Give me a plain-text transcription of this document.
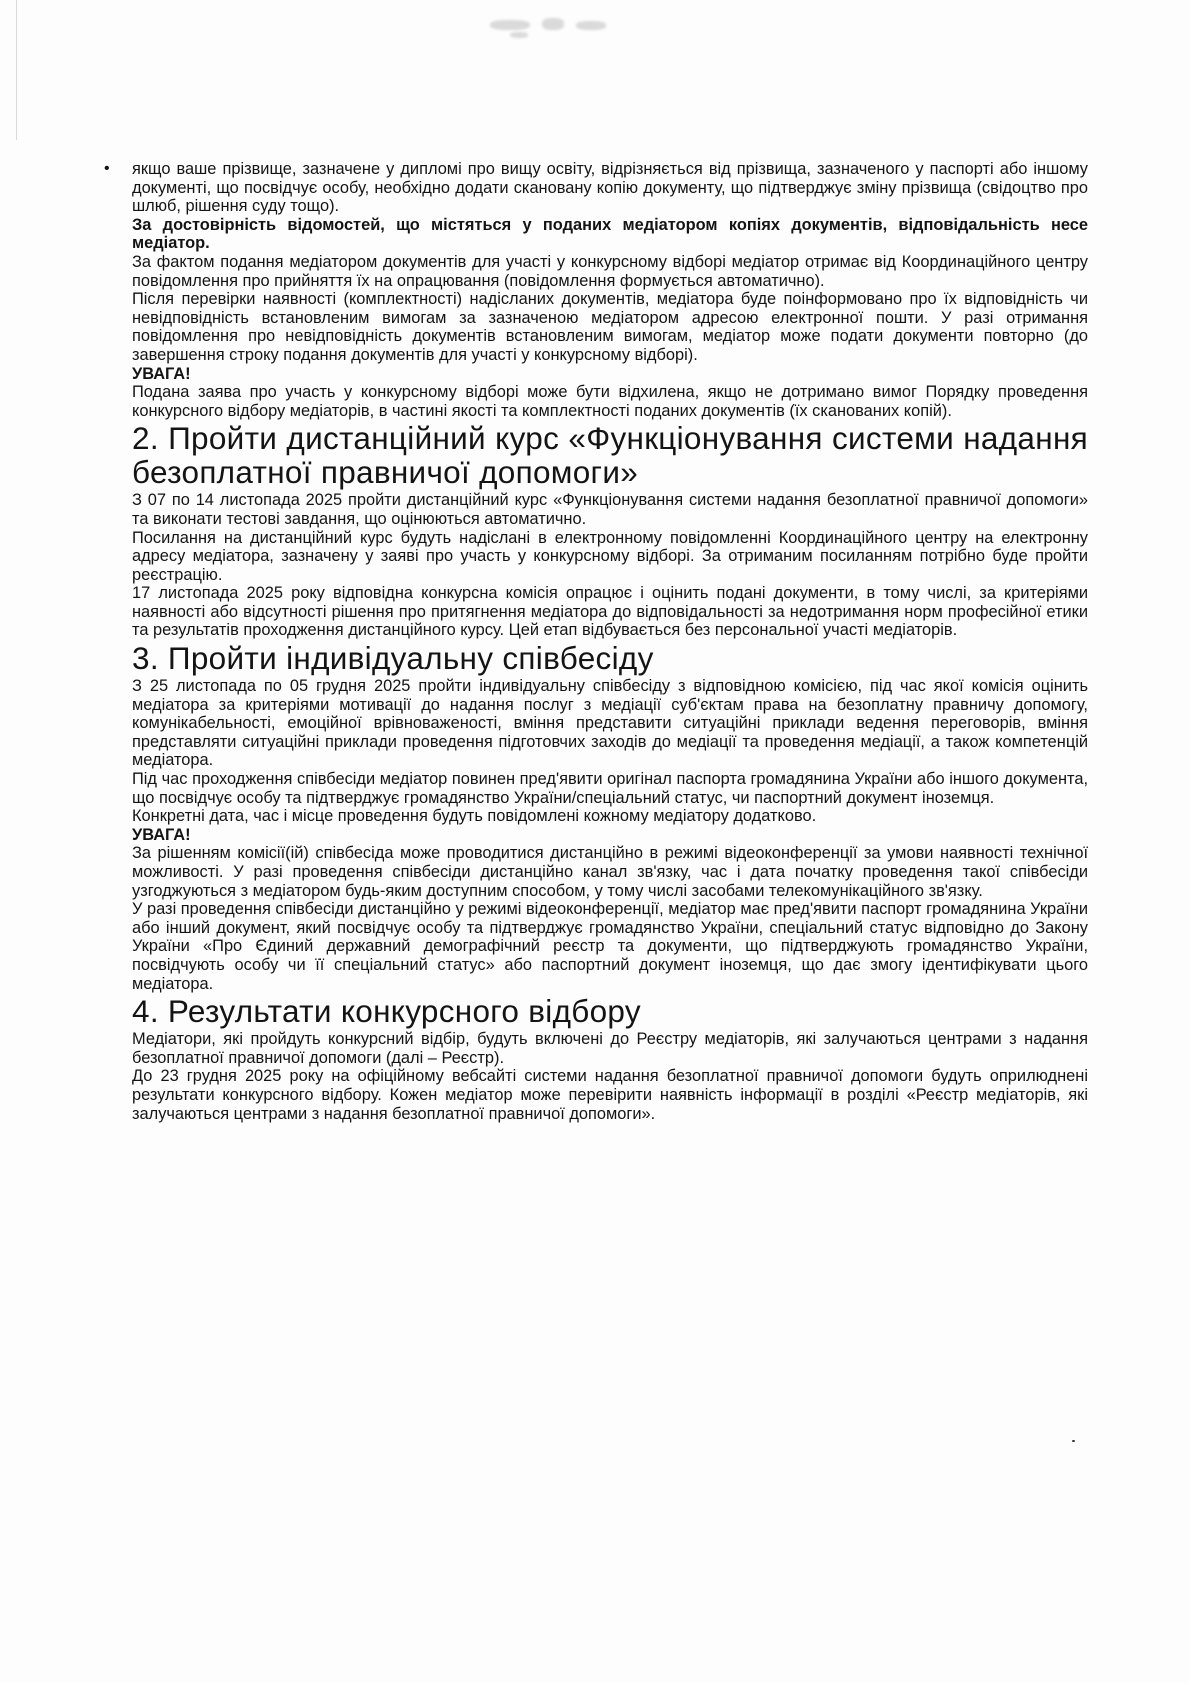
• якщо ваше прізвище, зазначене у дипломі про вищу освіту, відрізняється від прізвища, зазначеного у паспорті або іншому документі, що посвідчує особу, необхідно додати скановану копію документу, що підтверджує зміну прізвища (свідоцтво про шлюб, рішення суду тощо).

За достовірність відомостей, що містяться у поданих медіатором копіях документів, відповідальність несе медіатор.

За фактом подання медіатором документів для участі у конкурсному відборі медіатор отримає від Координаційного центру повідомлення про прийняття їх на опрацювання (повідомлення формується автоматично).

Після перевірки наявності (комплектності) надісланих документів, медіатора буде поінформовано про їх відповідність чи невідповідність встановленим вимогам за зазначеною медіатором адресою електронної пошти. У разі отримання повідомлення про невідповідність документів встановленим вимогам, медіатор може подати документи повторно (до завершення строку подання документів для участі у конкурсному відборі).

УВАГА!

Подана заява про участь у конкурсному відборі може бути відхилена, якщо не дотримано вимог Порядку проведення конкурсного відбору медіаторів, в частині якості та комплектності поданих документів (їх сканованих копій).

2. Пройти дистанційний курс «Функціонування системи надання безоплатної правничої допомоги»

З 07 по 14 листопада 2025 пройти дистанційний курс «Функціонування системи надання безоплатної правничої допомоги» та виконати тестові завдання, що оцінюються автоматично.

Посилання на дистанційний курс будуть надіслані в електронному повідомленні Координаційного центру на електронну адресу медіатора, зазначену у заяві про участь у конкурсному відборі. За отриманим посиланням потрібно буде пройти реєстрацію.

17 листопада 2025 року відповідна конкурсна комісія опрацює і оцінить подані документи, в тому числі, за критеріями наявності або відсутності рішення про притягнення медіатора до відповідальності за недотримання норм професійної етики та результатів проходження дистанційного курсу. Цей етап відбувається без персональної участі медіаторів.

3. Пройти індивідуальну співбесіду

З 25 листопада по 05 грудня 2025 пройти індивідуальну співбесіду з відповідною комісією, під час якої комісія оцінить медіатора за критеріями мотивації до надання послуг з медіації суб'єктам права на безоплатну правничу допомогу, комунікабельності, емоційної врівноваженості, вміння представити ситуаційні приклади ведення переговорів, вміння представляти ситуаційні приклади проведення підготовчих заходів до медіації та проведення медіації, а також компетенцій медіатора.

Під час проходження співбесіди медіатор повинен пред'явити оригінал паспорта громадянина України або іншого документа, що посвідчує особу та підтверджує громадянство України/спеціальний статус, чи паспортний документ іноземця.

Конкретні дата, час і місце проведення будуть повідомлені кожному медіатору додатково.

УВАГА!

За рішенням комісії(ій) співбесіда може проводитися дистанційно в режимі відеоконференції за умови наявності технічної можливості. У разі проведення співбесіди дистанційно канал зв'язку, час і дата початку проведення такої співбесіди узгоджуються з медіатором будь-яким доступним способом, у тому числі засобами телекомунікаційного зв'язку.

У разі проведення співбесіди дистанційно у режимі відеоконференції, медіатор має пред'явити паспорт громадянина України або інший документ, який посвідчує особу та підтверджує громадянство України, спеціальний статус відповідно до Закону України «Про Єдиний державний демографічний реєстр та документи, що підтверджують громадянство України, посвідчують особу чи її спеціальний статус» або паспортний документ іноземця, що дає змогу ідентифікувати цього медіатора.

4. Результати конкурсного відбору

Медіатори, які пройдуть конкурсний відбір, будуть включені до Реєстру медіаторів, які залучаються центрами з надання безоплатної правничої допомоги (далі – Реєстр).

До 23 грудня 2025 року на офіційному вебсайті системи надання безоплатної правничої допомоги будуть оприлюднені результати конкурсного відбору. Кожен медіатор може перевірити наявність інформації в розділі «Реєстр медіаторів, які залучаються центрами з надання безоплатної правничої допомоги».
